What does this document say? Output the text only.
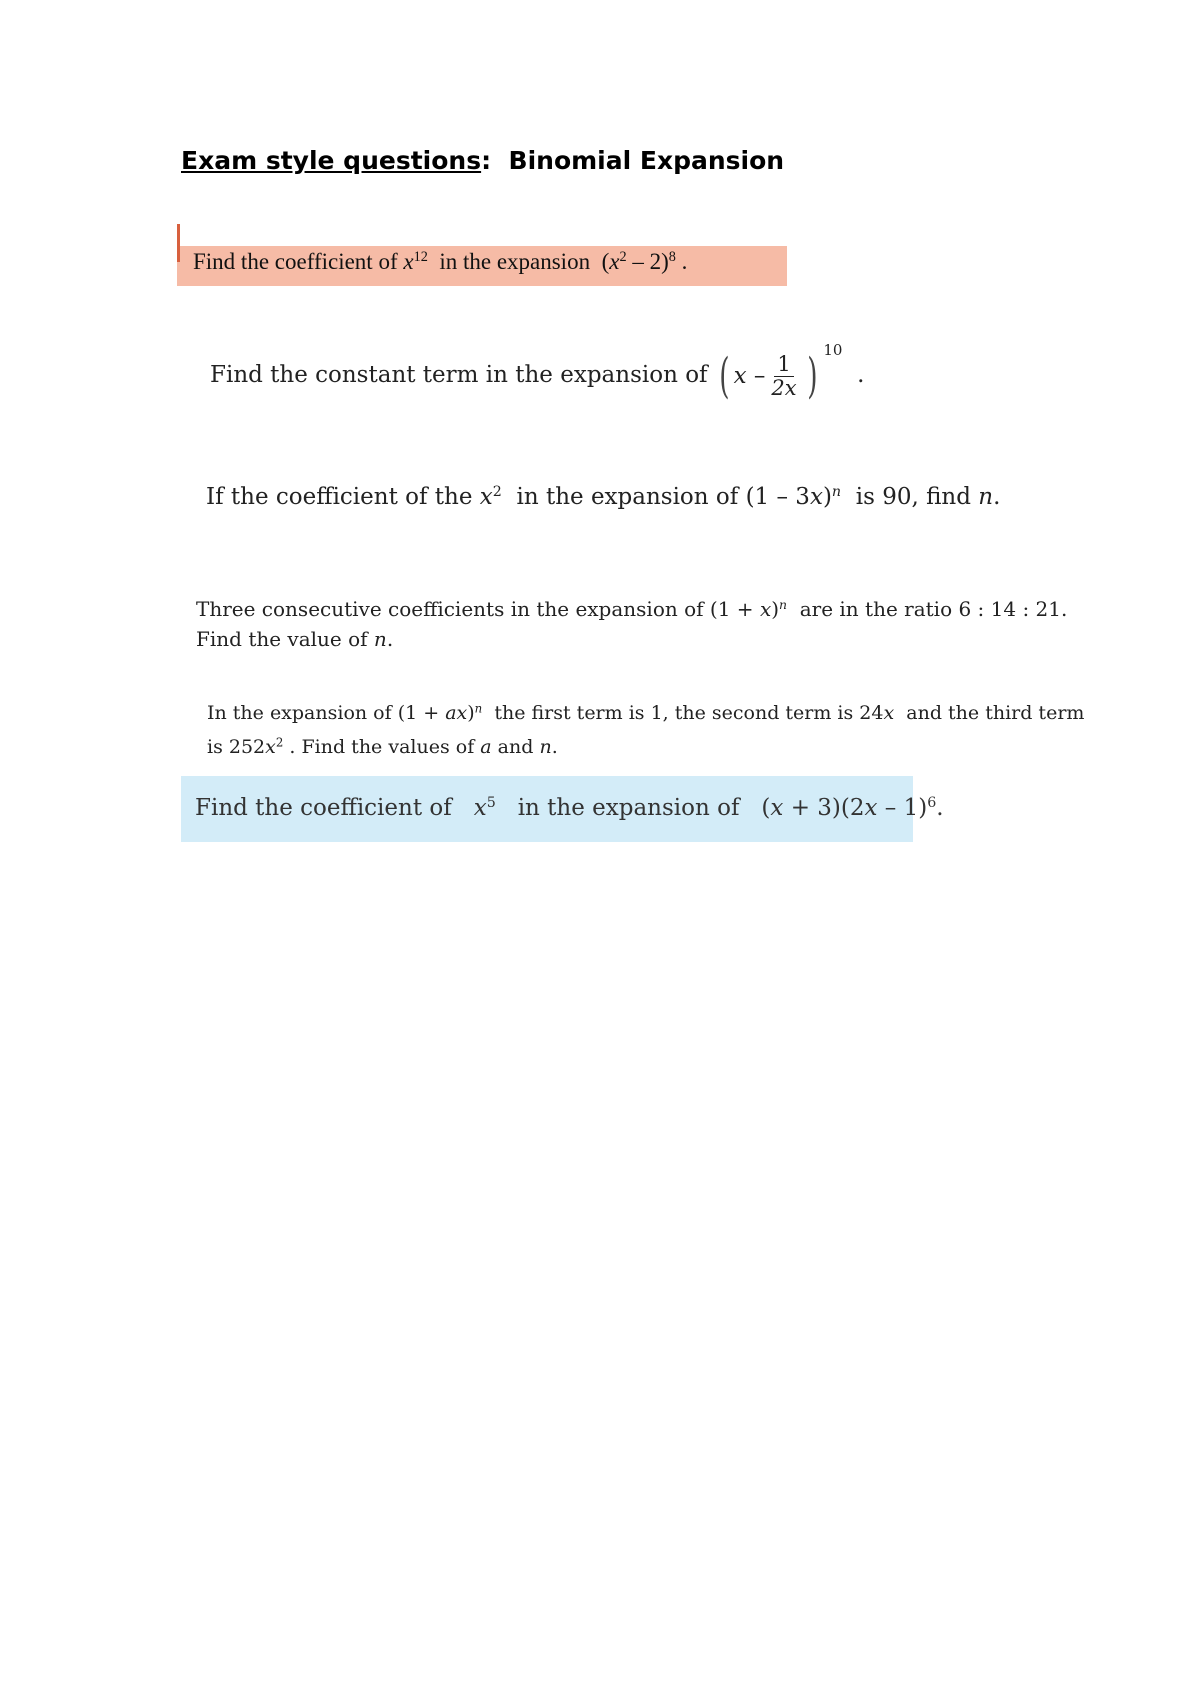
Exam style questions: Binomial Expansion
Find the coefficient of $x^{12}$ in the expansion $(x^2 - 2)^8$ .
Find the constant term in the expansion of ( x
– $\frac{1}{2x}$ ) 10
.
If the coefficient of the $x^2$ in the expansion of (1 – 3x)$^n$ is 90, find n.
Three consecutive coefficients in the expansion of $(1 + x)^n$ are in the ratio 6 : 14 : 21.
Find the value of n.
In the expansion of (1 + ax)$^n$ the first term is 1, the second term is 24x and the third term
is $252x^2$ . Find the values of a and n.
Find the coefficient of $x^5$ in the expansion of (x + 3)(2x – 1)$^6$.
